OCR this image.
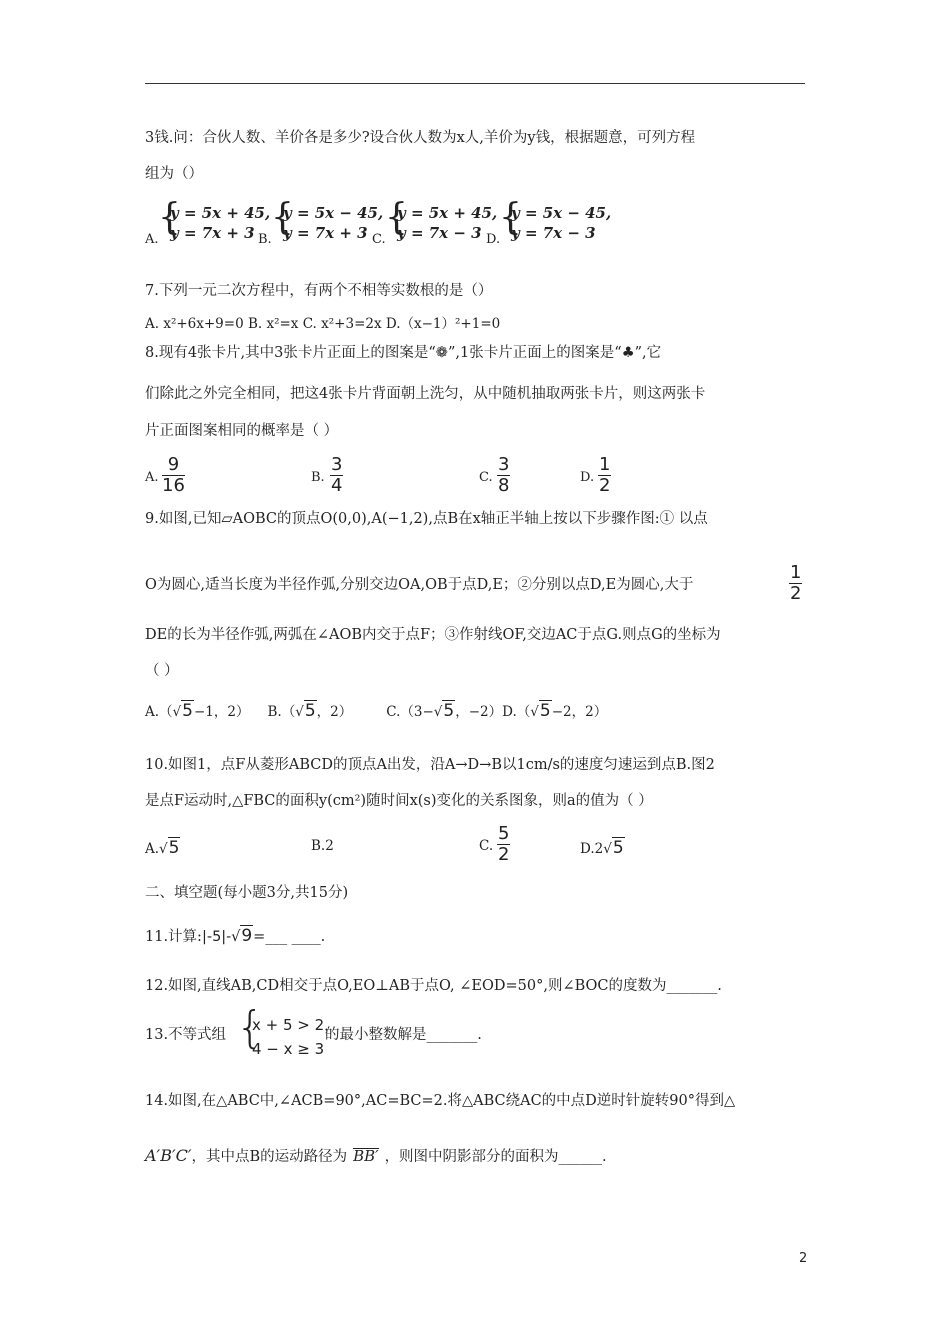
3钱.问：合伙人数、羊价各是多少?设合伙人数为x人,羊价为y钱，根据题意，可列方程
组为（）
A.
{
y = 5x + 45,
y = 7x + 3 B.
{
y = 5x − 45,
y = 7x + 3 C.
{
y = 5x + 45,
y = 7x − 3 D.
{
y = 5x − 45,
y = 7x − 3
7.下列一元二次方程中，有两个不相等实数根的是（）
A. x²+6x+9=0 B. x²=x C. x²+3=2x D.（x−1）²+1=0
8.现有4张卡片,其中3张卡片正面上的图案是“❁”,1张卡片正面上的图案是“♣”,它
们除此之外完全相同，把这4张卡片背面朝上洗匀，从中随机抽取两张卡片，则这两张卡
片正面图案相同的概率是（ ）
A. $\frac{9}{16}$	B. $\frac{3}{4}$	C. $\frac{3}{8}$	D. $\frac{1}{2}$
9.如图,已知▱AOBC的顶点O(0,0),A(−1,2),点B在x轴正半轴上按以下步骤作图:① 以点
O为圆心,适当长度为半径作弧,分别交边OA,OB于点D,E；②分别以点D,E为圆心,大于	$\frac{1}{2}$
DE的长为半径作弧,两弧在∠AOB内交于点F；③作射线OF,交边AC于点G.则点G的坐标为
（ ）
A.（√5−1，2） B.（√5，2）	C.（3−√5，−2）D.（√5−2，2）
10.如图1，点F从菱形ABCD的顶点A出发，沿A→D→B以1cm/s的速度匀速运到点B.图2
是点F运动时,△FBC的面积y(cm²)随时间x(s)变化的关系图象，则a的值为（ ）
A.√5	B.2	C. $\frac{5}{2}$	D.2√5
二、填空题(每小题3分,共15分)
11.计算:|-5|-√9=___ ____.
12.如图,直线AB,CD相交于点O,EO⊥AB于点O, ∠EOD=50°,则∠BOC的度数为_______.
13.不等式组 {
x + 5 > 2，
4 − x ≥ 3
的最小整数解是_______.
14.如图,在△ABC中,∠ACB=90°,AC=BC=2.将△ABC绕AC的中点D逆时针旋转90°得到△
A′B′C′，其中点B的运动路径为 BB′ ，则图中阴影部分的面积为______.
2
